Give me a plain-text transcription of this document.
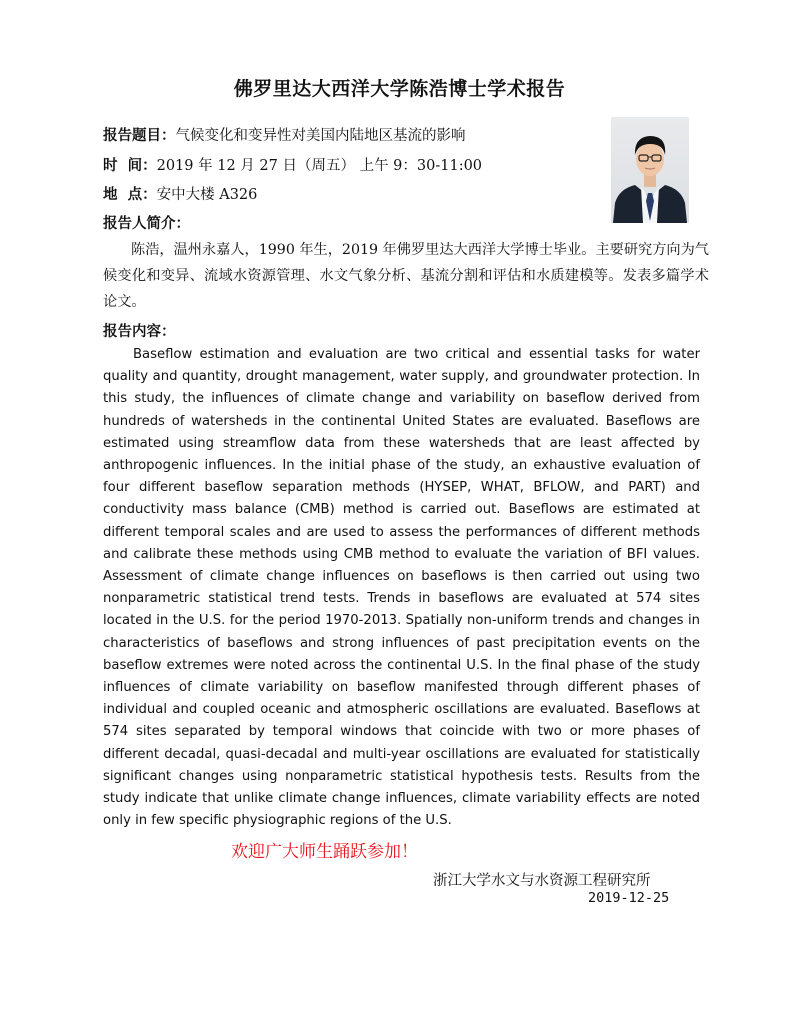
佛罗里达大西洋大学陈浩博士学术报告
报告题目：气候变化和变异性对美国内陆地区基流的影响
时  间：2019 年 12 月 27 日（周五） 上午 9：30-11:00
地  点：安中大楼 A326
报告人简介：
陈浩，温州永嘉人，1990 年生，2019 年佛罗里达大西洋大学博士毕业。主要研究方向为气候变化和变异、流域水资源管理、水文气象分析、基流分割和评估和水质建模等。发表多篇学术论文。
报告内容：
Baseflow estimation and evaluation are two critical and essential tasks for water quality and quantity, drought management, water supply, and groundwater protection. In this study, the influences of climate change and variability on baseflow derived from hundreds of watersheds in the continental United States are evaluated. Baseflows are estimated using streamflow data from these watersheds that are least affected by anthropogenic influences. In the initial phase of the study, an exhaustive evaluation of four different baseflow separation methods (HYSEP, WHAT, BFLOW, and PART) and conductivity mass balance (CMB) method is carried out. Baseflows are estimated at different temporal scales and are used to assess the performances of different methods and calibrate these methods using CMB method to evaluate the variation of BFI values. Assessment of climate change influences on baseflows is then carried out using two nonparametric statistical trend tests. Trends in baseflows are evaluated at 574 sites located in the U.S. for the period 1970-2013. Spatially non-uniform trends and changes in characteristics of baseflows and strong influences of past precipitation events on the baseflow extremes were noted across the continental U.S. In the final phase of the study influences of climate variability on baseflow manifested through different phases of individual and coupled oceanic and atmospheric oscillations are evaluated. Baseflows at 574 sites separated by temporal windows that coincide with two or more phases of different decadal, quasi-decadal and multi-year oscillations are evaluated for statistically significant changes using nonparametric statistical hypothesis tests. Results from the study indicate that unlike climate change influences, climate variability effects are noted only in few specific physiographic regions of the U.S.
欢迎广大师生踊跃参加！
浙江大学水文与水资源工程研究所
2019-12-25
